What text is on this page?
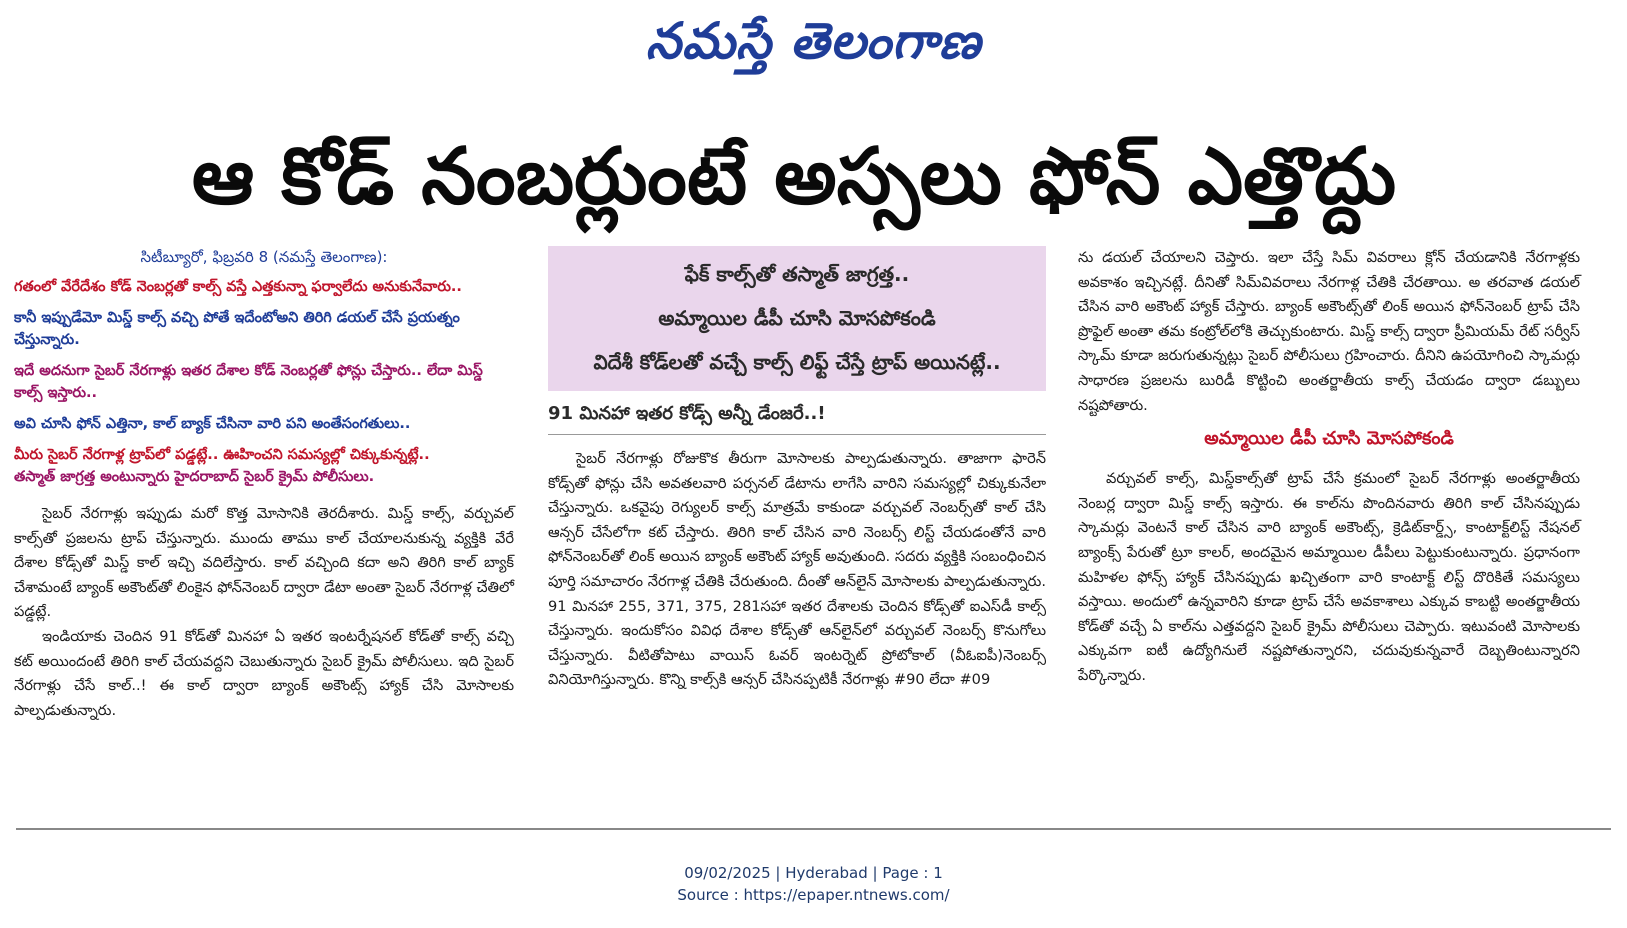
నమస్తే తెలంగాణ
ఆ కోడ్ నంబర్లుంటే అస్సలు ఫోన్ ఎత్తొద్దు
సిటీబ్యూరో, ఫిబ్రవరి 8 (నమస్తే తెలంగాణ):

గతంలో వేరేదేశం కోడ్ నెంబర్లతో కాల్స్ వస్తే ఎత్తకున్నా ఫర్వాలేదు అనుకునేవారు..

కానీ ఇప్పుడేమో మిస్డ్ కాల్స్ వచ్చి పోతే ఇదేంటోఅని తిరిగి డయల్ చేసే ప్రయత్నం చేస్తున్నారు.

ఇదే అదనుగా సైబర్ నేరగాళ్లు ఇతర దేశాల కోడ్ నెంబర్లతో ఫోన్లు చేస్తారు.. లేదా మిస్డ్ కాల్స్ ఇస్తారు..

అవి చూసి ఫోన్ ఎత్తినా, కాల్ బ్యాక్ చేసినా వారి పని అంతేసంగతులు..

మీరు సైబర్ నేరగాళ్ల ట్రాప్‌లో పడ్డట్లే.. ఊహించని సమస్యల్లో చిక్కుకున్నట్లే..

తస్మాత్ జాగ్రత్త అంటున్నారు హైదరాబాద్ సైబర్ క్రైమ్ పోలీసులు.

సైబర్ నేరగాళ్లు ఇప్పుడు మరో కొత్త మోసానికి తెరదీశారు. మిస్డ్ కాల్స్, వర్చువల్ కాల్స్‌తో ప్రజలను ట్రాప్ చేస్తున్నారు. ముందు తాము కాల్ చేయాలనుకున్న వ్యక్తికి వేరే దేశాల కోడ్స్‌తో మిస్డ్ కాల్ ఇచ్చి వదిలేస్తారు. కాల్ వచ్చింది కదా అని తిరిగి కాల్ బ్యాక్ చేశామంటే బ్యాంక్ అకౌంట్‌తో లింకైన ఫోన్‌నెంబర్ ద్వారా డేటా అంతా సైబర్ నేరగాళ్ల చేతిలో పడ్డట్లే.

ఇండియాకు చెందిన 91 కోడ్‌తో మినహా ఏ ఇతర ఇంటర్నేషనల్ కోడ్‌తో కాల్స్ వచ్చి కట్ అయిందంటే తిరిగి కాల్ చేయవద్దని చెబుతున్నారు సైబర్ క్రైమ్ పోలీసులు. ఇది సైబర్ నేరగాళ్లు చేసే కాల్..! ఈ కాల్ ద్వారా బ్యాంక్ అకౌంట్స్ హ్యాక్ చేసి మోసాలకు పాల్పడుతున్నారు.

ఫేక్ కాల్స్‌తో తస్మాత్ జాగ్రత్త..
అమ్మాయిల డీపీ చూసి మోసపోకండి
విదేశీ కోడ్‌లతో వచ్చే కాల్స్ లిఫ్ట్ చేస్తే ట్రాప్ అయినట్లే..
91 మినహా ఇతర కోడ్స్ అన్నీ డేంజరే..!

సైబర్ నేరగాళ్లు రోజుకొక తీరుగా మోసాలకు పాల్పడుతున్నారు. తాజాగా ఫారెన్ కోడ్స్‌తో ఫోన్లు చేసి అవతలవారి పర్సనల్ డేటాను లాగేసి వారిని సమస్యల్లో చిక్కుకునేలా చేస్తున్నారు. ఒకవైపు రెగ్యులర్ కాల్స్ మాత్రమే కాకుండా వర్చువల్ నెంబర్స్‌తో కాల్ చేసి ఆన్సర్ చేసేలోగా కట్ చేస్తారు. తిరిగి కాల్ చేసిన వారి నెంబర్స్ లిస్ట్ చేయడంతోనే వారి ఫోన్‌నెంబర్‌తో లింక్ అయిన బ్యాంక్ అకౌంట్ హ్యాక్ అవుతుంది. సదరు వ్యక్తికి సంబంధించిన పూర్తి సమాచారం నేరగాళ్ల చేతికి చేరుతుంది. దీంతో ఆన్‌లైన్ మోసాలకు పాల్పడుతున్నారు. 91 మినహా 255, 371, 375, 281సహా ఇతర దేశాలకు చెందిన కోడ్స్‌తో ఐఎస్‌డీ కాల్స్ చేస్తున్నారు. ఇందుకోసం వివిధ దేశాల కోడ్స్‌తో ఆన్‌లైన్‌లో వర్చువల్ నెంబర్స్ కొనుగోలు చేస్తున్నారు. వీటితోపాటు వాయిస్ ఓవర్ ఇంటర్నెట్ ప్రోటోకాల్ (వీఓఐపీ)నెంబర్స్ వినియోగిస్తున్నారు. కొన్ని కాల్స్‌కి ఆన్సర్ చేసినప్పటికీ నేరగాళ్లు #90 లేదా #09

ను డయల్ చేయాలని చెప్తారు. ఇలా చేస్తే సిమ్ వివరాలు క్లోన్ చేయడానికి నేరగాళ్లకు అవకాశం ఇచ్చినట్లే. దీనితో సిమ్‌వివరాలు నేరగాళ్ల చేతికి చేరతాయి. అ తరవాత డయల్ చేసిన వారి అకౌంట్ హ్యాక్ చేస్తారు. బ్యాంక్ అకౌంట్స్‌తో లింక్ అయిన ఫోన్‌నెంబర్ ట్రాప్ చేసి ప్రొఫైల్ అంతా తమ కంట్రోల్‌లోకి తెచ్చుకుంటారు. మిస్డ్ కాల్స్ ద్వారా ప్రీమియమ్ రేట్ సర్వీస్ స్కామ్ కూడా జరుగుతున్నట్లు సైబర్ పోలీసులు గ్రహించారు. దీనిని ఉపయోగించి స్కామర్లు సాధారణ ప్రజలను బురిడీ కొట్టించి అంతర్జాతీయ కాల్స్ చేయడం ద్వారా డబ్బులు నష్టపోతారు.

అమ్మాయిల డీపీ చూసి మోసపోకండి

వర్చువల్ కాల్స్, మిస్డ్‌కాల్స్‌తో ట్రాప్ చేసే క్రమంలో సైబర్ నేరగాళ్లు అంతర్జాతీయ నెంబర్ల ద్వారా మిస్డ్ కాల్స్ ఇస్తారు. ఈ కాల్‌ను పొందినవారు తిరిగి కాల్ చేసినప్పుడు స్కామర్లు వెంటనే కాల్ చేసిన వారి బ్యాంక్ అకౌంట్స్, క్రెడిట్‌కార్డ్స్, కాంటాక్ట్‌లిస్ట్ నేషనల్ బ్యాంక్స్ పేరుతో ట్రూ కాలర్, అందమైన అమ్మాయిల డీపీలు పెట్టుకుంటున్నారు. ప్రధానంగా మహిళల ఫోన్స్ హ్యాక్ చేసినప్పుడు ఖచ్చితంగా వారి కాంటాక్ట్ లిస్ట్ దొరికితే సమస్యలు వస్తాయి. అందులో ఉన్నవారిని కూడా ట్రాప్ చేసే అవకాశాలు ఎక్కువ కాబట్టి అంతర్జాతీయ కోడ్‌తో వచ్చే ఏ కాల్‌ను ఎత్తవద్దని సైబర్ క్రైమ్ పోలీసులు చెప్పారు. ఇటువంటి మోసాలకు ఎక్కువగా ఐటీ ఉద్యోగినులే నష్టపోతున్నారని, చదువుకున్నవారే దెబ్బతింటున్నారని పేర్కొన్నారు.

09/02/2025 | Hyderabad | Page : 1
Source : https://epaper.ntnews.com/
